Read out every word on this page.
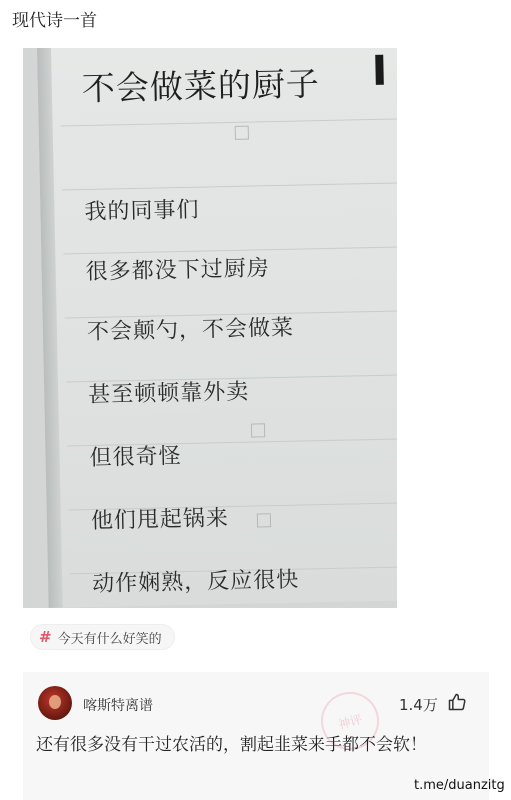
现代诗一首
不会做菜的厨子
我的同事们
很多都没下过厨房
不会颠勺，不会做菜
甚至顿顿靠外卖
但很奇怪
他们甩起锅来
动作娴熟，反应很快
# 今天有什么好笑的
喀斯特离谱
神评
1.4万
还有很多没有干过农活的，割起韭菜来手都不会软！
t.me/duanzitg
